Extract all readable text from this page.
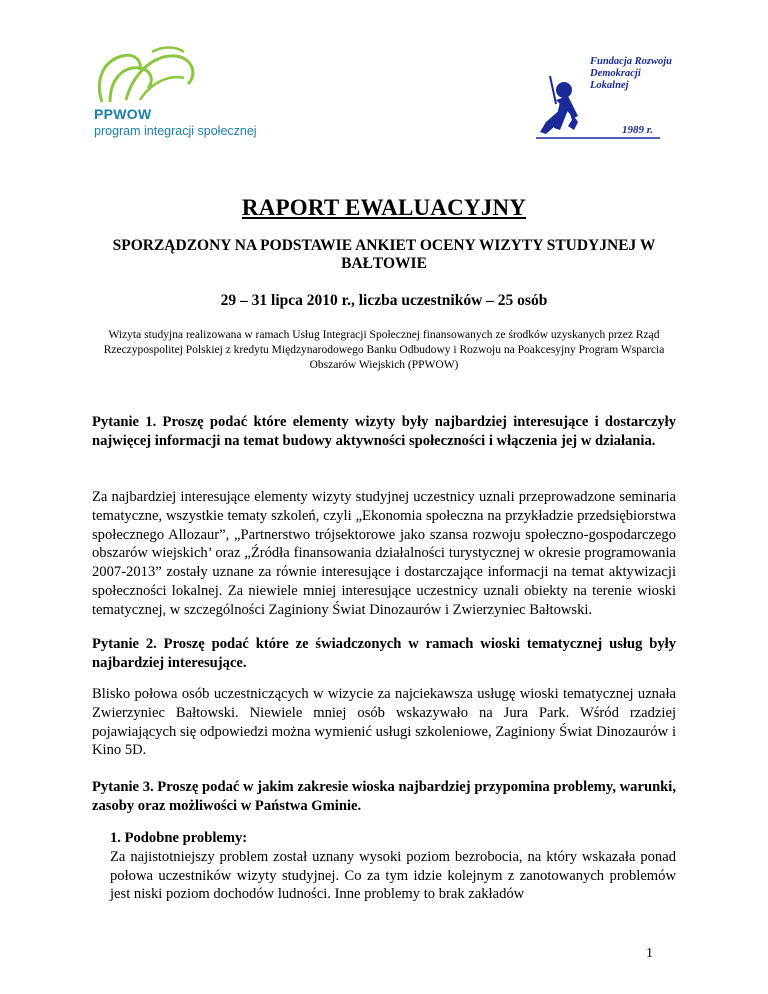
PPWOW
program integracji społecznej
Fundacja Rozwoju
Demokracji Lokalnej
1989 r.
RAPORT EWALUACYJNY
SPORZĄDZONY NA PODSTAWIE ANKIET OCENY WIZYTY STUDYJNEJ W BAŁTOWIE
29 – 31 lipca 2010 r., liczba uczestników – 25 osób
Wizyta studyjna realizowana w ramach Usług Integracji Społecznej finansowanych ze środków uzyskanych przez Rząd Rzeczypospolitej Polskiej z kredytu Międzynarodowego Banku Odbudowy i Rozwoju na Poakcesyjny Program Wsparcia Obszarów Wiejskich (PPWOW)

Pytanie 1. Proszę podać które elementy wizyty były najbardziej interesujące i dostarczyły najwięcej informacji na temat budowy aktywności społeczności i włączenia jej w działania.

Za najbardziej interesujące elementy wizyty studyjnej uczestnicy uznali przeprowadzone seminaria tematyczne, wszystkie tematy szkoleń, czyli „Ekonomia społeczna na przykładzie przedsiębiorstwa społecznego Allozaur”, „Partnerstwo trójsektorowe jako szansa rozwoju społeczno-gospodarczego obszarów wiejskich’ oraz „Źródła finansowania działalności turystycznej w okresie programowania 2007-2013” zostały uznane za równie interesujące i dostarczające informacji na temat aktywizacji społeczności lokalnej. Za niewiele mniej interesujące uczestnicy uznali obiekty na terenie wioski tematycznej, w szczególności Zaginiony Świat Dinozaurów i Zwierzyniec Bałtowski.

Pytanie 2. Proszę podać które ze świadczonych w ramach wioski tematycznej usług były najbardziej interesujące.

Blisko połowa osób uczestniczących w wizycie za najciekawsza usługę wioski tematycznej uznała Zwierzyniec Bałtowski. Niewiele mniej osób wskazywało na Jura Park. Wśród rzadziej pojawiających się odpowiedzi można wymienić usługi szkoleniowe, Zaginiony Świat Dinozaurów i Kino 5D.

Pytanie 3. Proszę podać w jakim zakresie wioska najbardziej przypomina problemy, warunki, zasoby oraz możliwości w Państwa Gminie.

1. Podobne problemy:
Za najistotniejszy problem został uznany wysoki poziom bezrobocia, na który wskazała ponad połowa uczestników wizyty studyjnej. Co za tym idzie kolejnym z zanotowanych problemów jest niski poziom dochodów ludności. Inne problemy to brak zakładów
1
